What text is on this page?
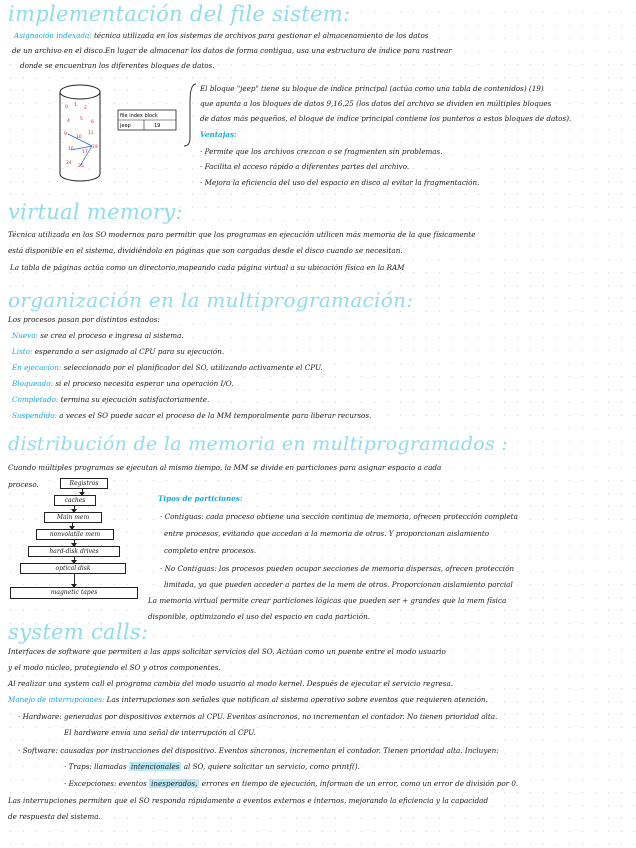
implementación del file sistem:

Asignación indexada: técnica utilizada en los sistemas de archivos para gestionar el almacenamiento de los datos

de un archivo en el disco.En lugar de almacenar los datos de forma contigua, usa una estructura de índice para rastrear

donde se encuentran los diferentes bloques de datos.

0 1
2
4 5
6
9
10
11
16
17
19
24
25
file index block
jeep	19

El bloque "jeep" tiene su bloque de índice principal (actúa como una tabla de contenidos) (19)

que apunta a los bloques de datos 9,16,25 (los datos del archivo se dividen en múltiples bloques

de datos más pequeños, el bloque de índice principal contiene los punteros a estos bloques de datos).

Ventajas:

· Permite que los archivos crezcan o se fragmenten sin problemas.

· Facilita el acceso rápido a diferentes partes del archivo.

· Mejora la eficiencia del uso del espacio en disco al evitar la fragmentación.

virtual memory:

Técnica utilizada en los SO modernos para permitir que los programas en ejecución utilicen más memoria de la que físicamente

está disponible en el sistema, dividiéndola en páginas que son cargadas desde el disco cuando se necesitan.

La tabla de páginas actúa como un directorio,mapeando cada página virtual a su ubicación física en la RAM

organización en la multiprogramación:

Los procesos pasan por distintos estados:

Nuevo: se crea el proceso e ingresa al sistema.

Listo: esperando a ser asignado al CPU para su ejecución.

En ejecución: seleccionado por el planificador del SO, utilizando activamente el CPU.

Bloqueado: si el proceso necesita esperar una operación I/O.

Completado: termina su ejecución satisfactoriamente.

Suspendido: a veces el SO puede sacar el proceso de la MM temporalmente para liberar recursos.

distribución de la memoria en multiprogramados :

Cuando múltiples programas se ejecutan al mismo tiempo, la MM se divide en particiones para asignar espacio a cada

proceso.	Registros
caches
Main mem
nonvolatile mem
hard-disk drives
optical disk
magnetic tapes

Tipos de particiones:

· Contiguas: cada proceso obtiene una sección continua de memoria, ofrecen protección completa

entre procesos, evitando que accedan a la memoria de otros. Y proporcionan aislamiento

completo entre procesos.

· No Contiguas: los procesos pueden ocupar secciones de memoria dispersas, ofrecen protección

limitada, ya que pueden acceder a partes de la mem de otros. Proporcionan aislamiento parcial

La memoria virtual permite crear particiones lógicas que pueden ser + grandes que la mem física

disponible, optimizando el uso del espacio en cada partición.

system calls:

Interfaces de software que permiten a las apps solicitar servicios del SO. Actúan como un puente entre el modo usuario

y el modo núcleo, protegiendo el SO y otros componentes.

Al realizar una system call el programa cambia del modo usuario al modo kernel. Después de ejecutar el servicio regresa.

Manejo de interrupciones: Las interrupciones son señales que notifican al sistema operativo sobre eventos que requieren atención.

· Hardware: generadas por dispositivos externos al CPU. Eventos asíncronos, no incrementan el contador. No tienen prioridad alta.

El hardware envía una señal de interrupción al CPU.

· Software: causadas por instrucciones del dispositivo. Eventos síncronos, incrementan el contador. Tienen prioridad alta. Incluyen:

· Traps: llamadas intencionales al SO, quiere solicitar un servicio, como printf().

· Excepciones: eventos inesperados, errores en tiempo de ejecución, informan de un error, como un error de división por 0.

Las interrupciones permiten que el SO responda rápidamente a eventos externos e internos, mejorando la eficiencia y la capacidad

de respuesta del sistema.
